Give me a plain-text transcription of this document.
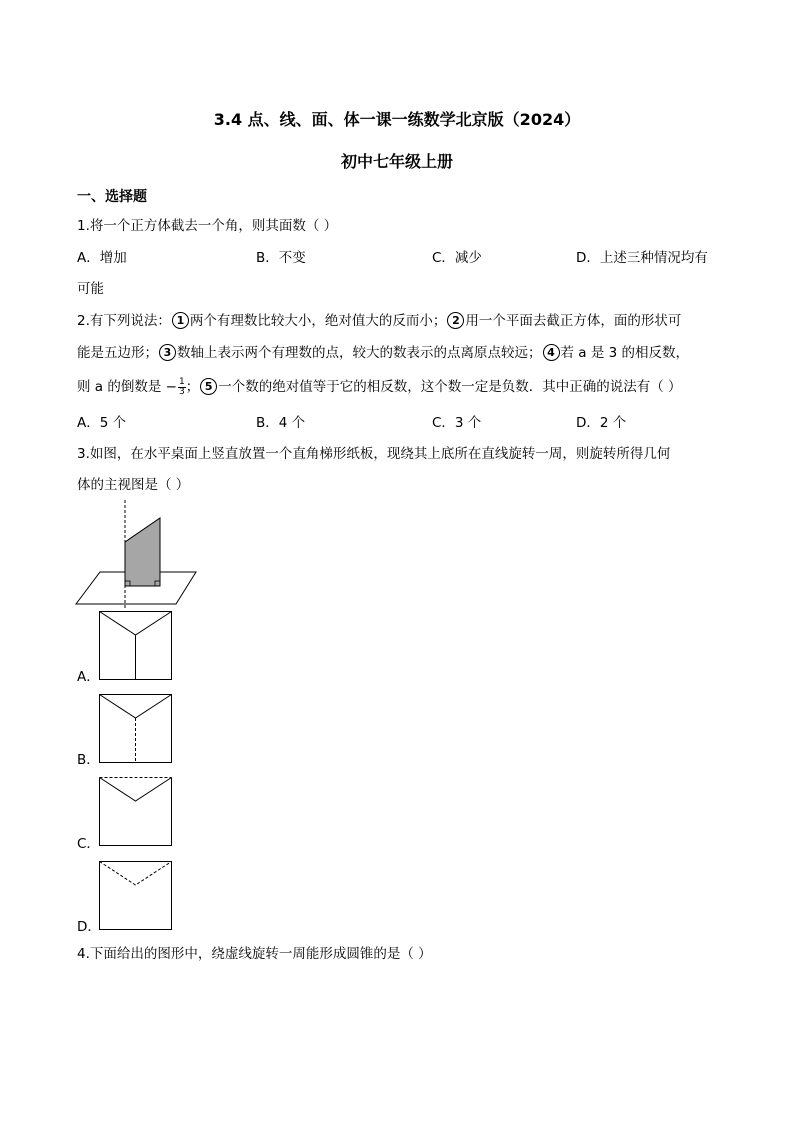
3.4 点、线、面、体一课一练数学北京版（2024）
初中七年级上册
一、选择题
1.将一个正方体截去一个角，则其面数（ ）
A．增加	B．不变	C．减少	D．上述三种情况均有
可能
2.有下列说法： 1 两个有理数比较大小，绝对值大的反而小； 2 用一个平面去截正方体，面的形状可
能是五边形； 3 数轴上表示两个有理数的点，较大的数表示的点离原点较远； 4 若 a 是 3 的相反数，
则 a 的倒数是 − $\frac{1}{3}$ ； 5 一个数的绝对值等于它的相反数，这个数一定是负数．其中正确的说法有（ ）
A．5 个	B．4 个	C．3 个	D．2 个
3.如图，在水平桌面上竖直放置一个直角梯形纸板，现绕其上底所在直线旋转一周，则旋转所得几何
体的主视图是（ ）
A．
B．
C．
D．
4.下面给出的图形中，绕虚线旋转一周能形成圆锥的是（ ）
